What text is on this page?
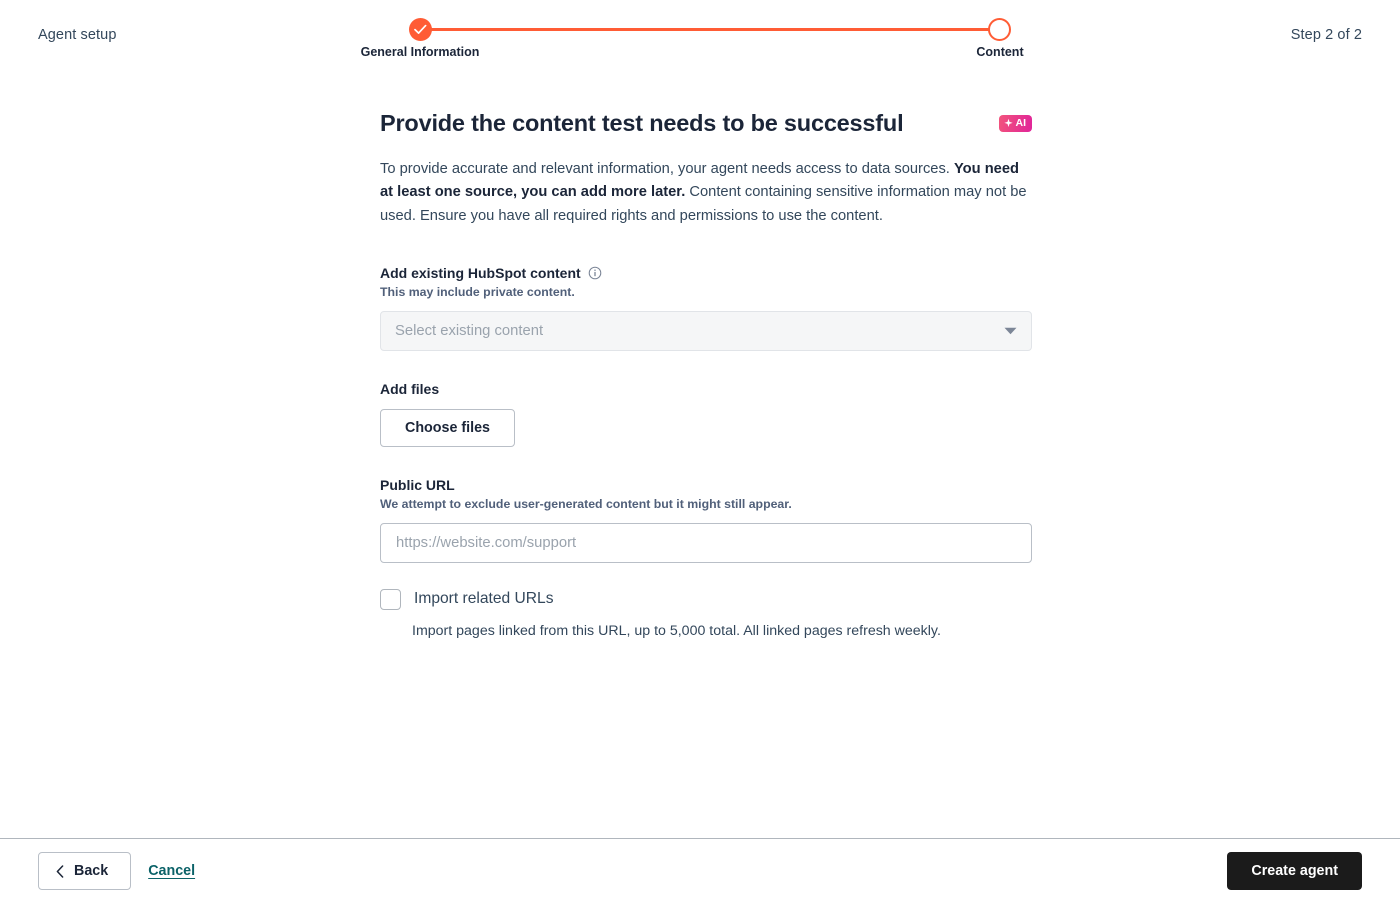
Agent setup	Step 2 of 2
General Information	Content
Provide the content test needs to be successful	AI

To provide accurate and relevant information, your agent needs access to data sources. You need at least one source, you can add more later. Content containing sensitive information may not be used. Ensure you have all required rights and permissions to use the content.

Add existing HubSpot content
This may include private content.
Select existing content
Add files
Choose files
Public URL
We attempt to exclude user-generated content but it might still appear.
https://website.com/support
Import related URLs
Import pages linked from this URL, up to 5,000 total. All linked pages refresh weekly.
Back	Cancel	Create agent
